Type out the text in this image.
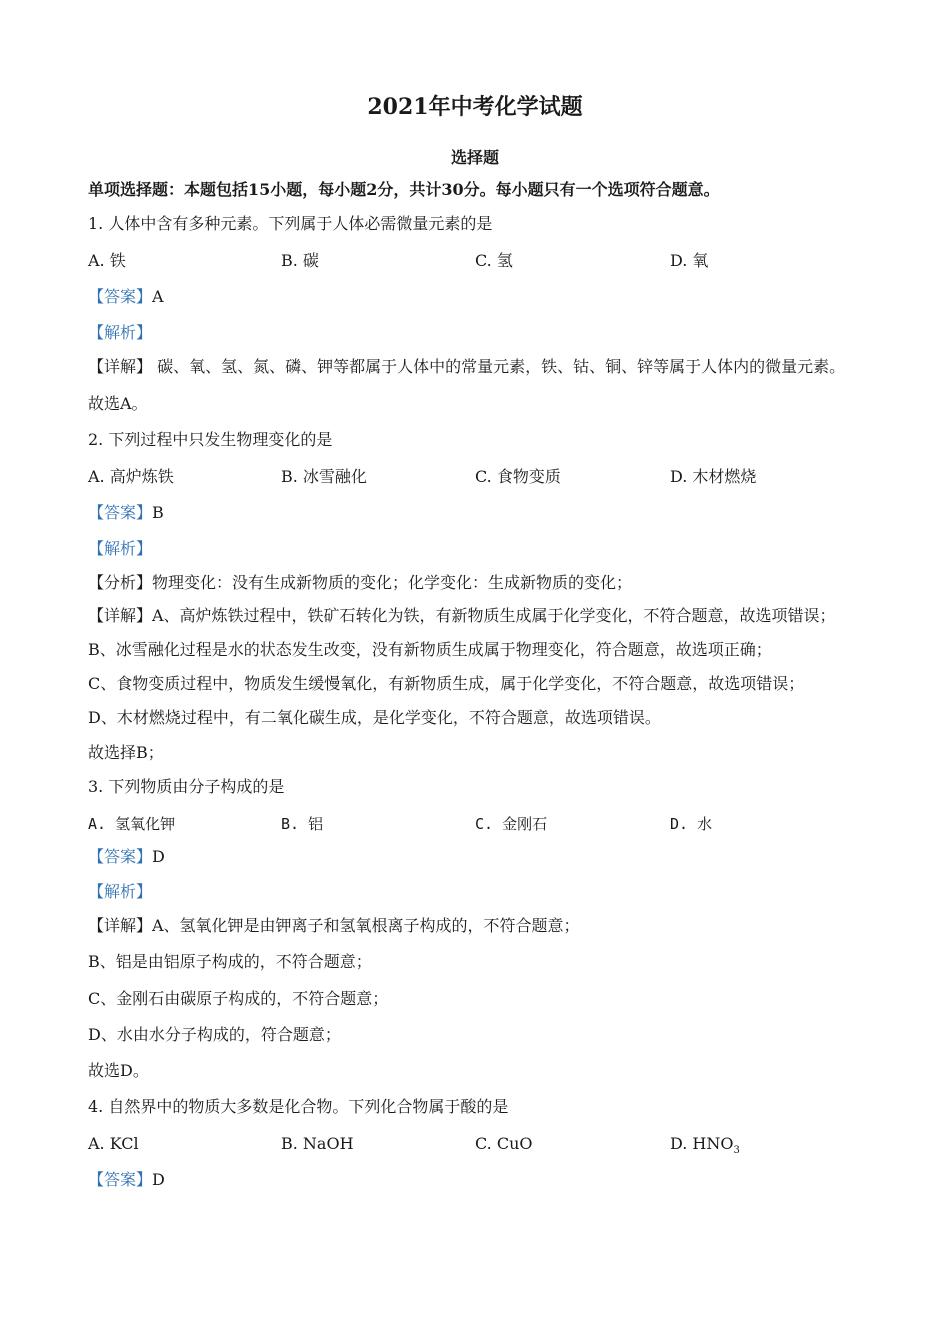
2021年中考化学试题
选择题
单项选择题：本题包括15小题，每小题2分，共计30分。每小题只有一个选项符合题意。
1. 人体中含有多种元素。下列属于人体必需微量元素的是
A. 铁	B. 碳	C. 氢	D. 氧
【答案】A
【解析】
【详解】 碳、氧、氢、氮、磷、钾等都属于人体中的常量元素，铁、钴、铜、锌等属于人体内的微量元素。
故选A。
2. 下列过程中只发生物理变化的是
A. 高炉炼铁	B. 冰雪融化	C. 食物变质	D. 木材燃烧
【答案】B
【解析】
【分析】物理变化：没有生成新物质的变化；化学变化：生成新物质的变化；
【详解】A、高炉炼铁过程中，铁矿石转化为铁，有新物质生成属于化学变化，不符合题意，故选项错误；
B、冰雪融化过程是水的状态发生改变，没有新物质生成属于物理变化，符合题意，故选项正确；
C、食物变质过程中，物质发生缓慢氧化，有新物质生成，属于化学变化，不符合题意，故选项错误；
D、木材燃烧过程中，有二氧化碳生成，是化学变化，不符合题意，故选项错误。
故选择B；
3. 下列物质由分子构成的是
A. 氢氧化钾	B. 铝	C. 金刚石	D. 水
【答案】D
【解析】
【详解】A、氢氧化钾是由钾离子和氢氧根离子构成的，不符合题意；
B、铝是由铝原子构成的，不符合题意；
C、金刚石由碳原子构成的，不符合题意；
D、水由水分子构成的，符合题意；
故选D。
4. 自然界中的物质大多数是化合物。下列化合物属于酸的是
A. KCl	B. NaOH	C. CuO	D. $HNO_3$
【答案】D
